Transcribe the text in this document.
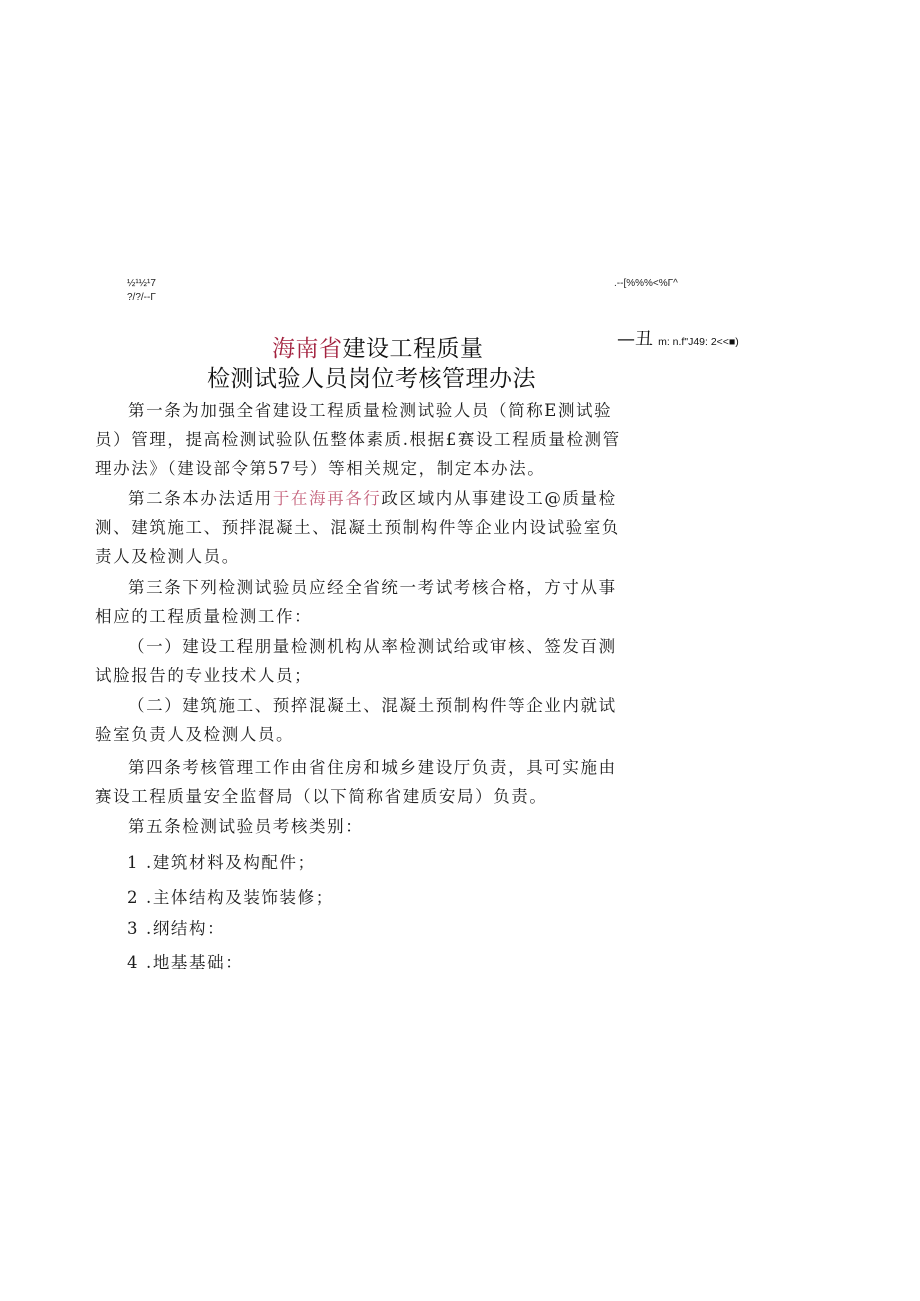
½¹½¹7
?/?/-‐Γ
.‐‐[%%%<%Γ^
—丑 m: n.f"J49: 2<<■)
海南省建设工程质量
检测试验人员岗位考核管理办法
第一条为加强全省建设工程质量检测试验人员（简称E测试验员）管理，提高检测试验队伍整体素质.根据£赛设工程质量检测管理办法》（建设部令第57号）等相关规定，制定本办法。
第二条本办法适用于在海再各行政区域内从事建设工@质量检测、建筑施工、预拌混凝土、混凝土预制构件等企业内设试验室负责人及检测人员。
第三条下列检测试验员应经全省统一考试考核合格，方寸从事相应的工程质量检测工作：
（一）建设工程朋量检测机构从率检测试给或审核、签发百测试脸报告的专业技术人员；
（二）建筑施工、预捽混凝土、混凝土预制构件等企业内就试验室负责人及检测人员。
第四条考核管理工作由省住房和城乡建设厅负责，具可实施由赛设工程质量安全监督局（以下简称省建质安局）负责。
第五条检测试验员考核类别：
1 .建筑材料及构配件；
2 .主体结构及装饰装修；
3 .纲结构：
4 .地基基础：
